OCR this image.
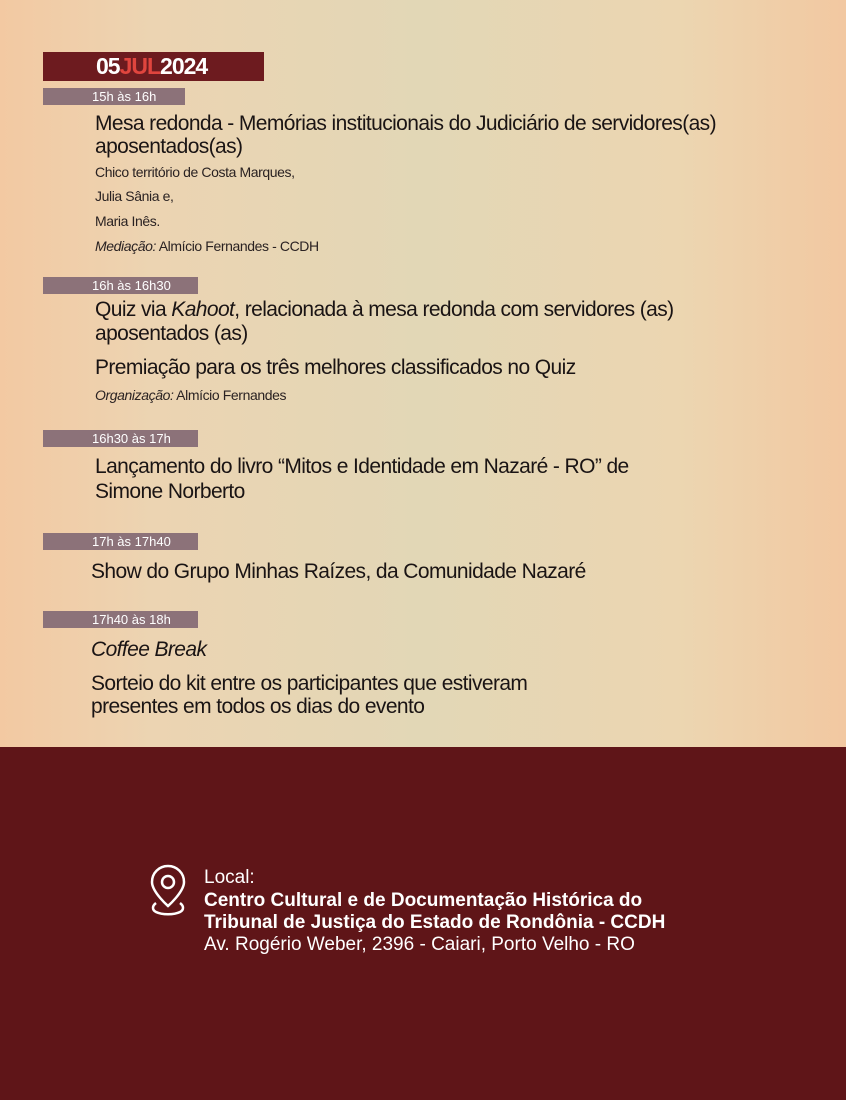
05JUL2024
15h às 16h
Mesa redonda - Memórias institucionais do Judiciário de servidores(as)
aposentados(as)
Chico território de Costa Marques,
Julia Sânia e,
Maria Inês.
Mediação: Almício Fernandes - CCDH
16h às 16h30
Quiz via Kahoot, relacionada à mesa redonda com servidores (as)
aposentados (as)
Premiação para os três melhores classificados no Quiz
Organização: Almício Fernandes
16h30 às 17h
Lançamento do livro “Mitos e Identidade em Nazaré - RO” de
Simone Norberto
17h às 17h40
Show do Grupo Minhas Raízes, da Comunidade Nazaré
17h40 às 18h
Coffee Break
Sorteio do kit entre os participantes que estiveram
presentes em todos os dias do evento
Local:
Centro Cultural e de Documentação Histórica do
Tribunal de Justiça do Estado de Rondônia - CCDH
Av. Rogério Weber, 2396 - Caiari, Porto Velho - RO
